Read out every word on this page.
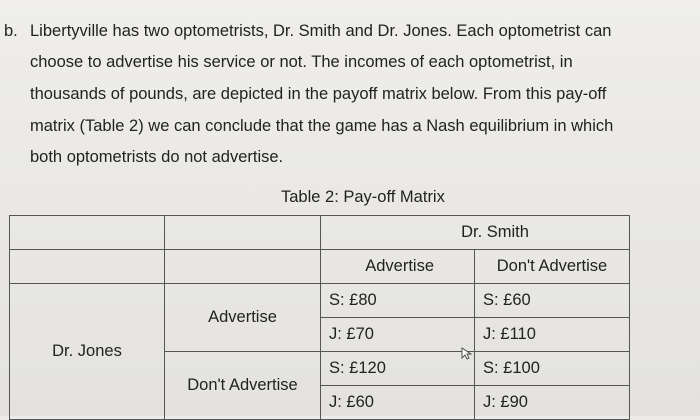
b. Libertyville has two optometrists, Dr. Smith and Dr. Jones. Each optometrist can
choose to advertise his service or not. The incomes of each optometrist, in
thousands of pounds, are depicted in the payoff matrix below. From this pay-off
matrix (Table 2) we can conclude that the game has a Nash equilibrium in which
both optometrists do not advertise.
Table 2: Pay-off Matrix
		Dr. Smith	
		Advertise	Don't Advertise
Dr. Jones	Advertise	S: £80	S: £60
		J: £70	J: £110
	Don't Advertise	S: £120	S: £100
		J: £60	J: £90
